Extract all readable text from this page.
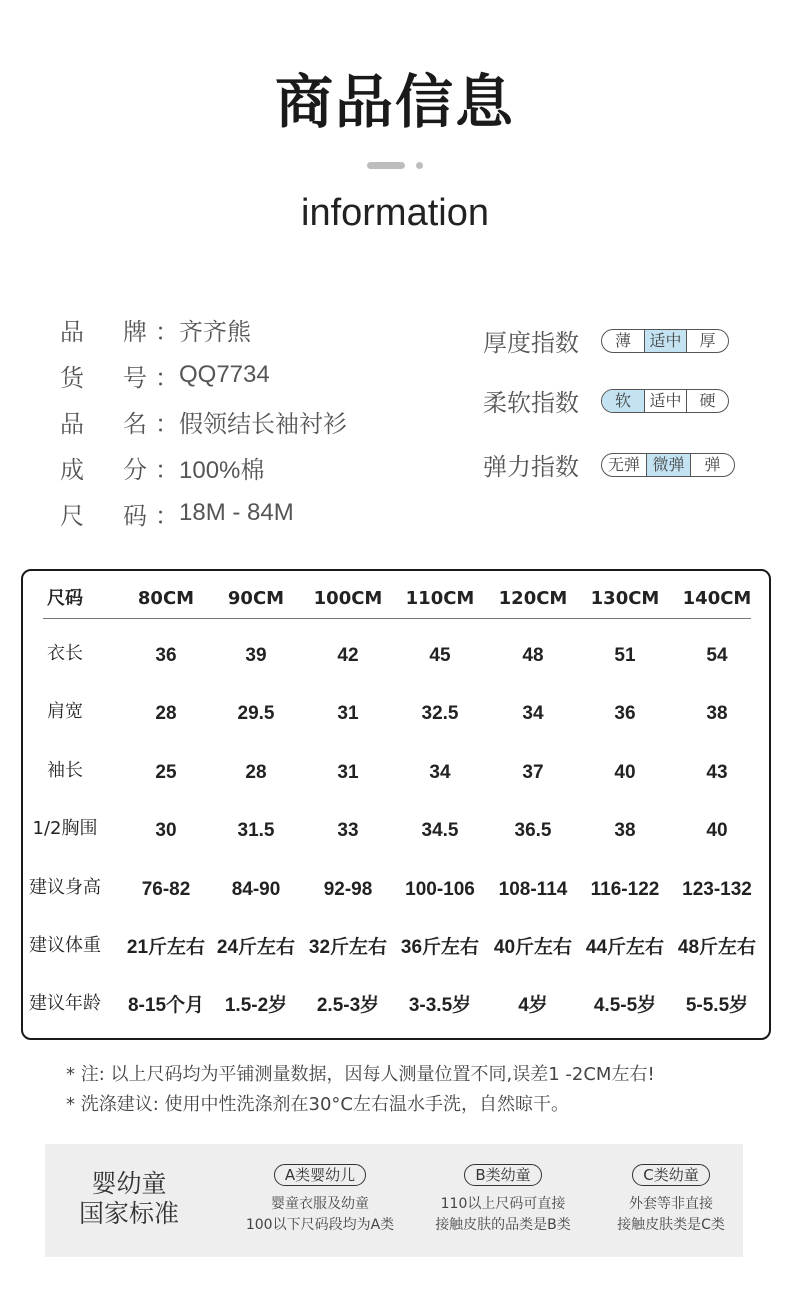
商品信息
information
品 牌 ： 齐齐熊
货 号 ： QQ7734
品 名 ： 假领结长袖衬衫
成 分 ： 100%棉
尺 码 ： 18M - 84M
厚度指数	薄	适中	厚
柔软指数	软	适中	硬
弹力指数	无弹 微弹	弹
尺码	80CM	90CM	100CM	110CM	120CM	130CM	140CM
衣长	36	39	42	45	48	51	54
肩宽	28	29.5	31	32.5	34	36	38
袖长	25	28	31	34	37	40	43
1/2胸围	30	31.5	33	34.5	36.5	38	40
建议身高	76-82	84-90	92-98	100-106	108-114	116-122	123-132
建议体重	21斤左右 24斤左右 32斤左右 36斤左右 40斤左右 44斤左右 48斤左右
建议年龄	8-15个月	1.5-2岁	2.5-3岁	3-3.5岁	4岁	4.5-5岁	5-5.5岁
* 注: 以上尺码均为平铺测量数据，因每人测量位置不同,误差1 -2CM左右!
* 洗涤建议: 使用中性洗涤剂在30°C左右温水手洗，自然晾干。
婴幼童
国家标准
A类婴幼儿
婴童衣服及幼童
100以下尺码段均为A类
B类幼童
110以上尺码可直接
接触皮肤的品类是B类
C类幼童
外套等非直接
接触皮肤类是C类
